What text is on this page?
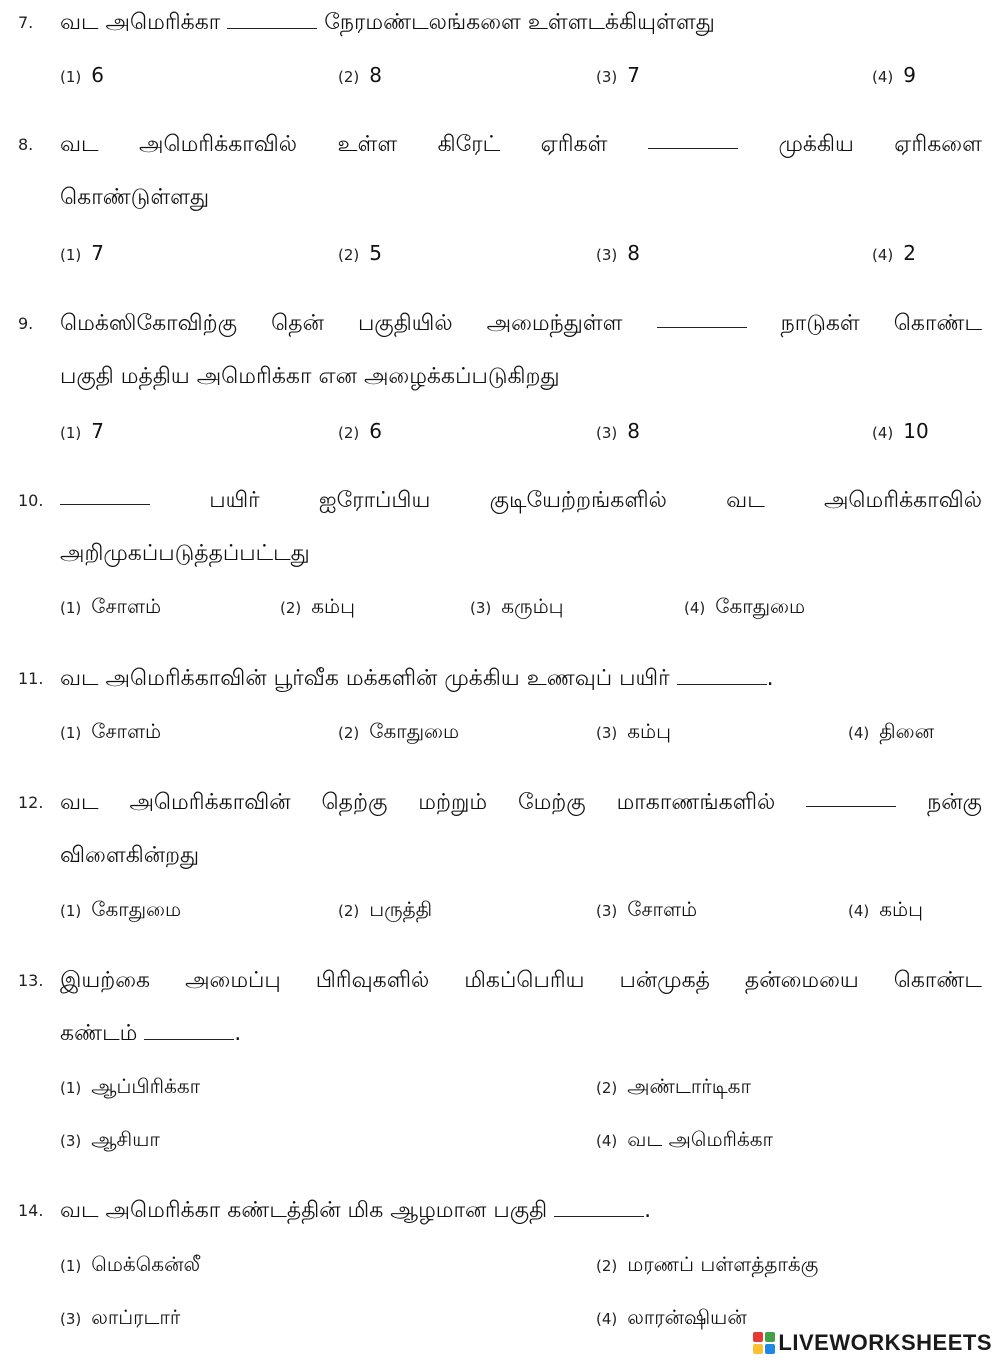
7. வட அமெரிக்கா	நேரமண்டலங்களை உள்ளடக்கியுள்ளது
(1) 6	(2) 8	(3) 7	(4) 9
8. வட அமெரிக்காவில் உள்ள கிரேட் ஏரிகள்	முக்கிய ஏரிகளை
கொண்டுள்ளது
(1) 7	(2) 5	(3) 8	(4) 2
9. மெக்ஸிகோவிற்கு தென் பகுதியில் அமைந்துள்ள	நாடுகள் கொண்ட
பகுதி மத்திய அமெரிக்கா என அழைக்கப்படுகிறது
(1) 7	(2) 6	(3) 8	(4) 10
10.	பயிர்	ஐரோப்பிய	குடியேற்றங்களில்	வட	அமெரிக்காவில்
அறிமுகப்படுத்தப்பட்டது
(1) சோளம்	(2) கம்பு	(3) கரும்பு	(4) கோதுமை
11. வட அமெரிக்காவின் பூர்வீக மக்களின் முக்கிய உணவுப் பயிர்	.
(1) சோளம்	(2) கோதுமை	(3) கம்பு	(4) தினை
12. வட அமெரிக்காவின் தெற்கு மற்றும் மேற்கு மாகாணங்களில்	நன்கு
விளைகின்றது
(1) கோதுமை	(2) பருத்தி	(3) சோளம்	(4) கம்பு
13. இயற்கை அமைப்பு பிரிவுகளில் மிகப்பெரிய பன்முகத் தன்மையை கொண்ட
கண்டம்	.
(1) ஆப்பிரிக்கா	(2) அண்டார்டிகா
(3) ஆசியா	(4) வட அமெரிக்கா
14. வட அமெரிக்கா கண்டத்தின் மிக ஆழமான பகுதி	.
(1) மெக்கென்லீ	(2) மரணப் பள்ளத்தாக்கு
(3) லாப்ரடார்	(4) லாரன்ஷியன்
LIVEWORKSHEETS
